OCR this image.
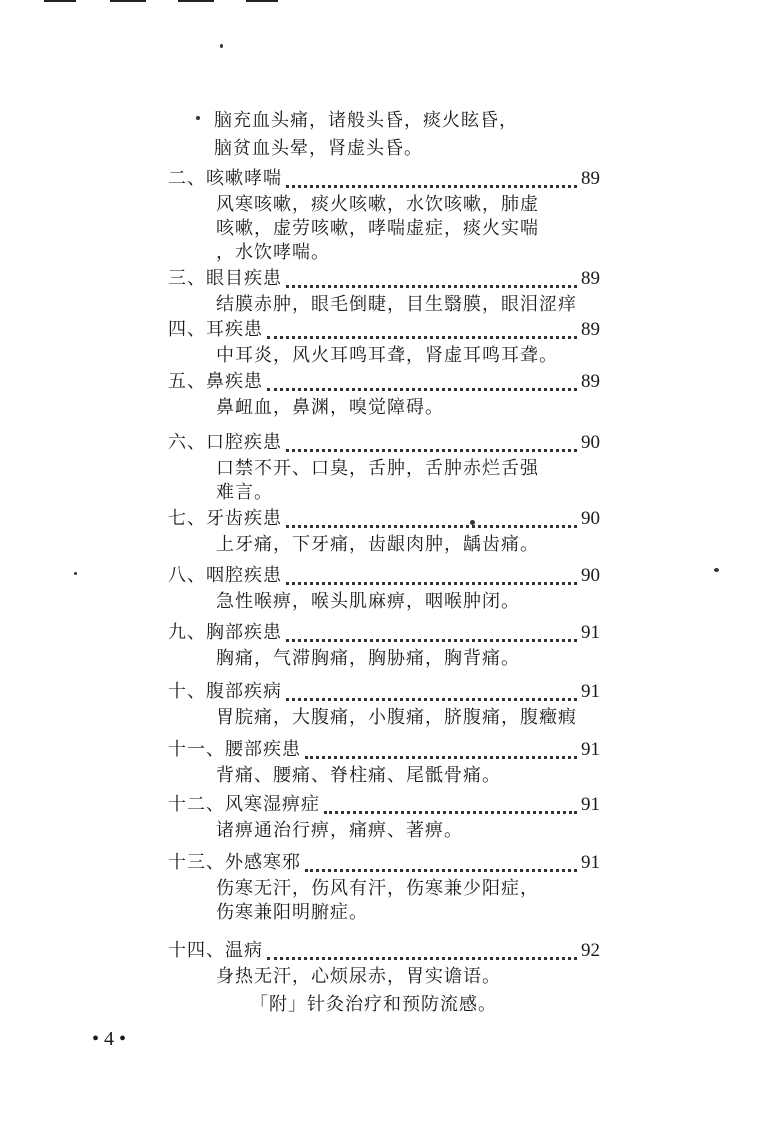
脑充血头痛，诸般头昏，痰火眩昏，
脑贫血头晕，肾虚头昏。
二、咳嗽哮喘	89
风寒咳嗽，痰火咳嗽，水饮咳嗽，肺虚
咳嗽，虚劳咳嗽，哮喘虚症，痰火实喘
，水饮哮喘。
三、眼目疾患	89
结膜赤肿，眼毛倒睫，目生翳膜，眼泪涩痒
四、耳疾患	89
中耳炎，风火耳鸣耳聋，肾虚耳鸣耳聋。
五、鼻疾患	89
鼻衄血，鼻渊，嗅觉障碍。
六、口腔疾患	90
口禁不开、口臭，舌肿，舌肿赤烂舌强
难言。
七、牙齿疾患	90
上牙痛，下牙痛，齿龈肉肿，龋齿痛。
八、咽腔疾患	90
急性喉痹，喉头肌麻痹，咽喉肿闭。
九、胸部疾患	91
胸痛，气滞胸痛，胸胁痛，胸背痛。
十、腹部疾病	91
胃脘痛，大腹痛，小腹痛，脐腹痛，腹癥瘕
十一、腰部疾患	91
背痛、腰痛、脊柱痛、尾骶骨痛。
十二、风寒湿痹症	91
诸痹通治行痹，痛痹、著痹。
十三、外感寒邪	91
伤寒无汗，伤风有汗，伤寒兼少阳症，
伤寒兼阳明腑症。
十四、温病	92
身热无汗，心烦尿赤，胃实谵语。
「附」针灸治疗和预防流感。
• 4 •
